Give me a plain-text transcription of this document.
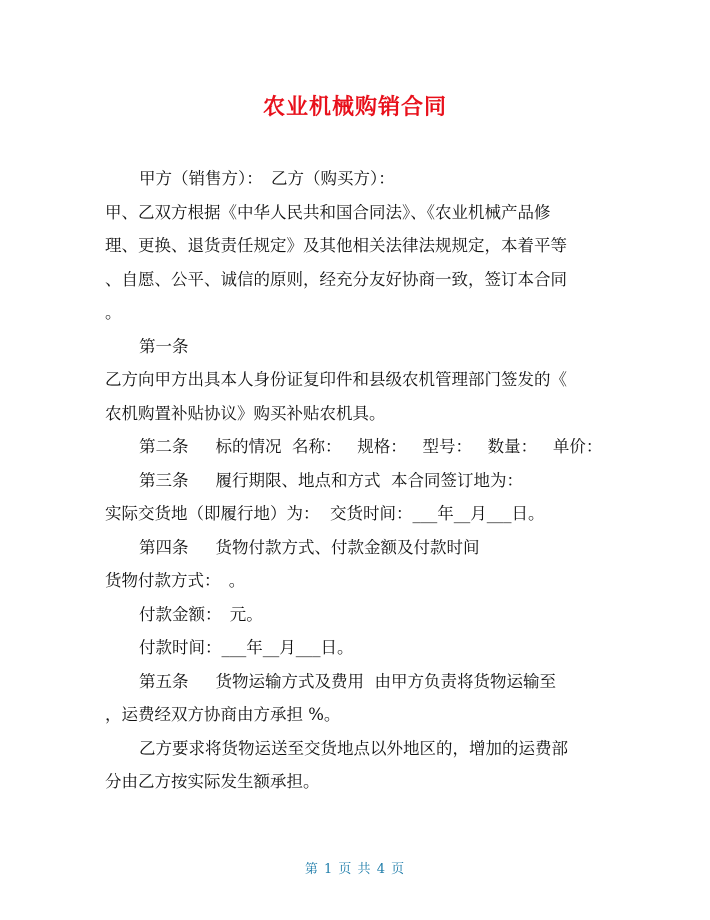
农业机械购销合同

甲方（销售方）：　乙方（购买方）：

甲、乙双方根据《中华人民共和国合同法》、《农业机械产品修

理、更换、退货责任规定》及其他相关法律法规规定，本着平等

、自愿、公平、诚信的原则，经充分友好协商一致，签订本合同

。

第一条

乙方向甲方出具本人身份证复印件和县级农机管理部门签发的《

农机购置补贴协议》购买补贴农机具。

第二条　  标的情况  名称：   规格：   型号：   数量：   单价：

第三条　  履行期限、地点和方式  本合同签订地为：

实际交货地（即履行地）为：  交货时间：___年__月___日。

第四条　  货物付款方式、付款金额及付款时间

货物付款方式：　。

付款金额：　元。

付款时间：___年__月___日。

第五条　  货物运输方式及费用  由甲方负责将货物运输至

，运费经双方协商由方承担 %。

乙方要求将货物运送至交货地点以外地区的，增加的运费部

分由乙方按实际发生额承担。

第 1 页 共 4 页
